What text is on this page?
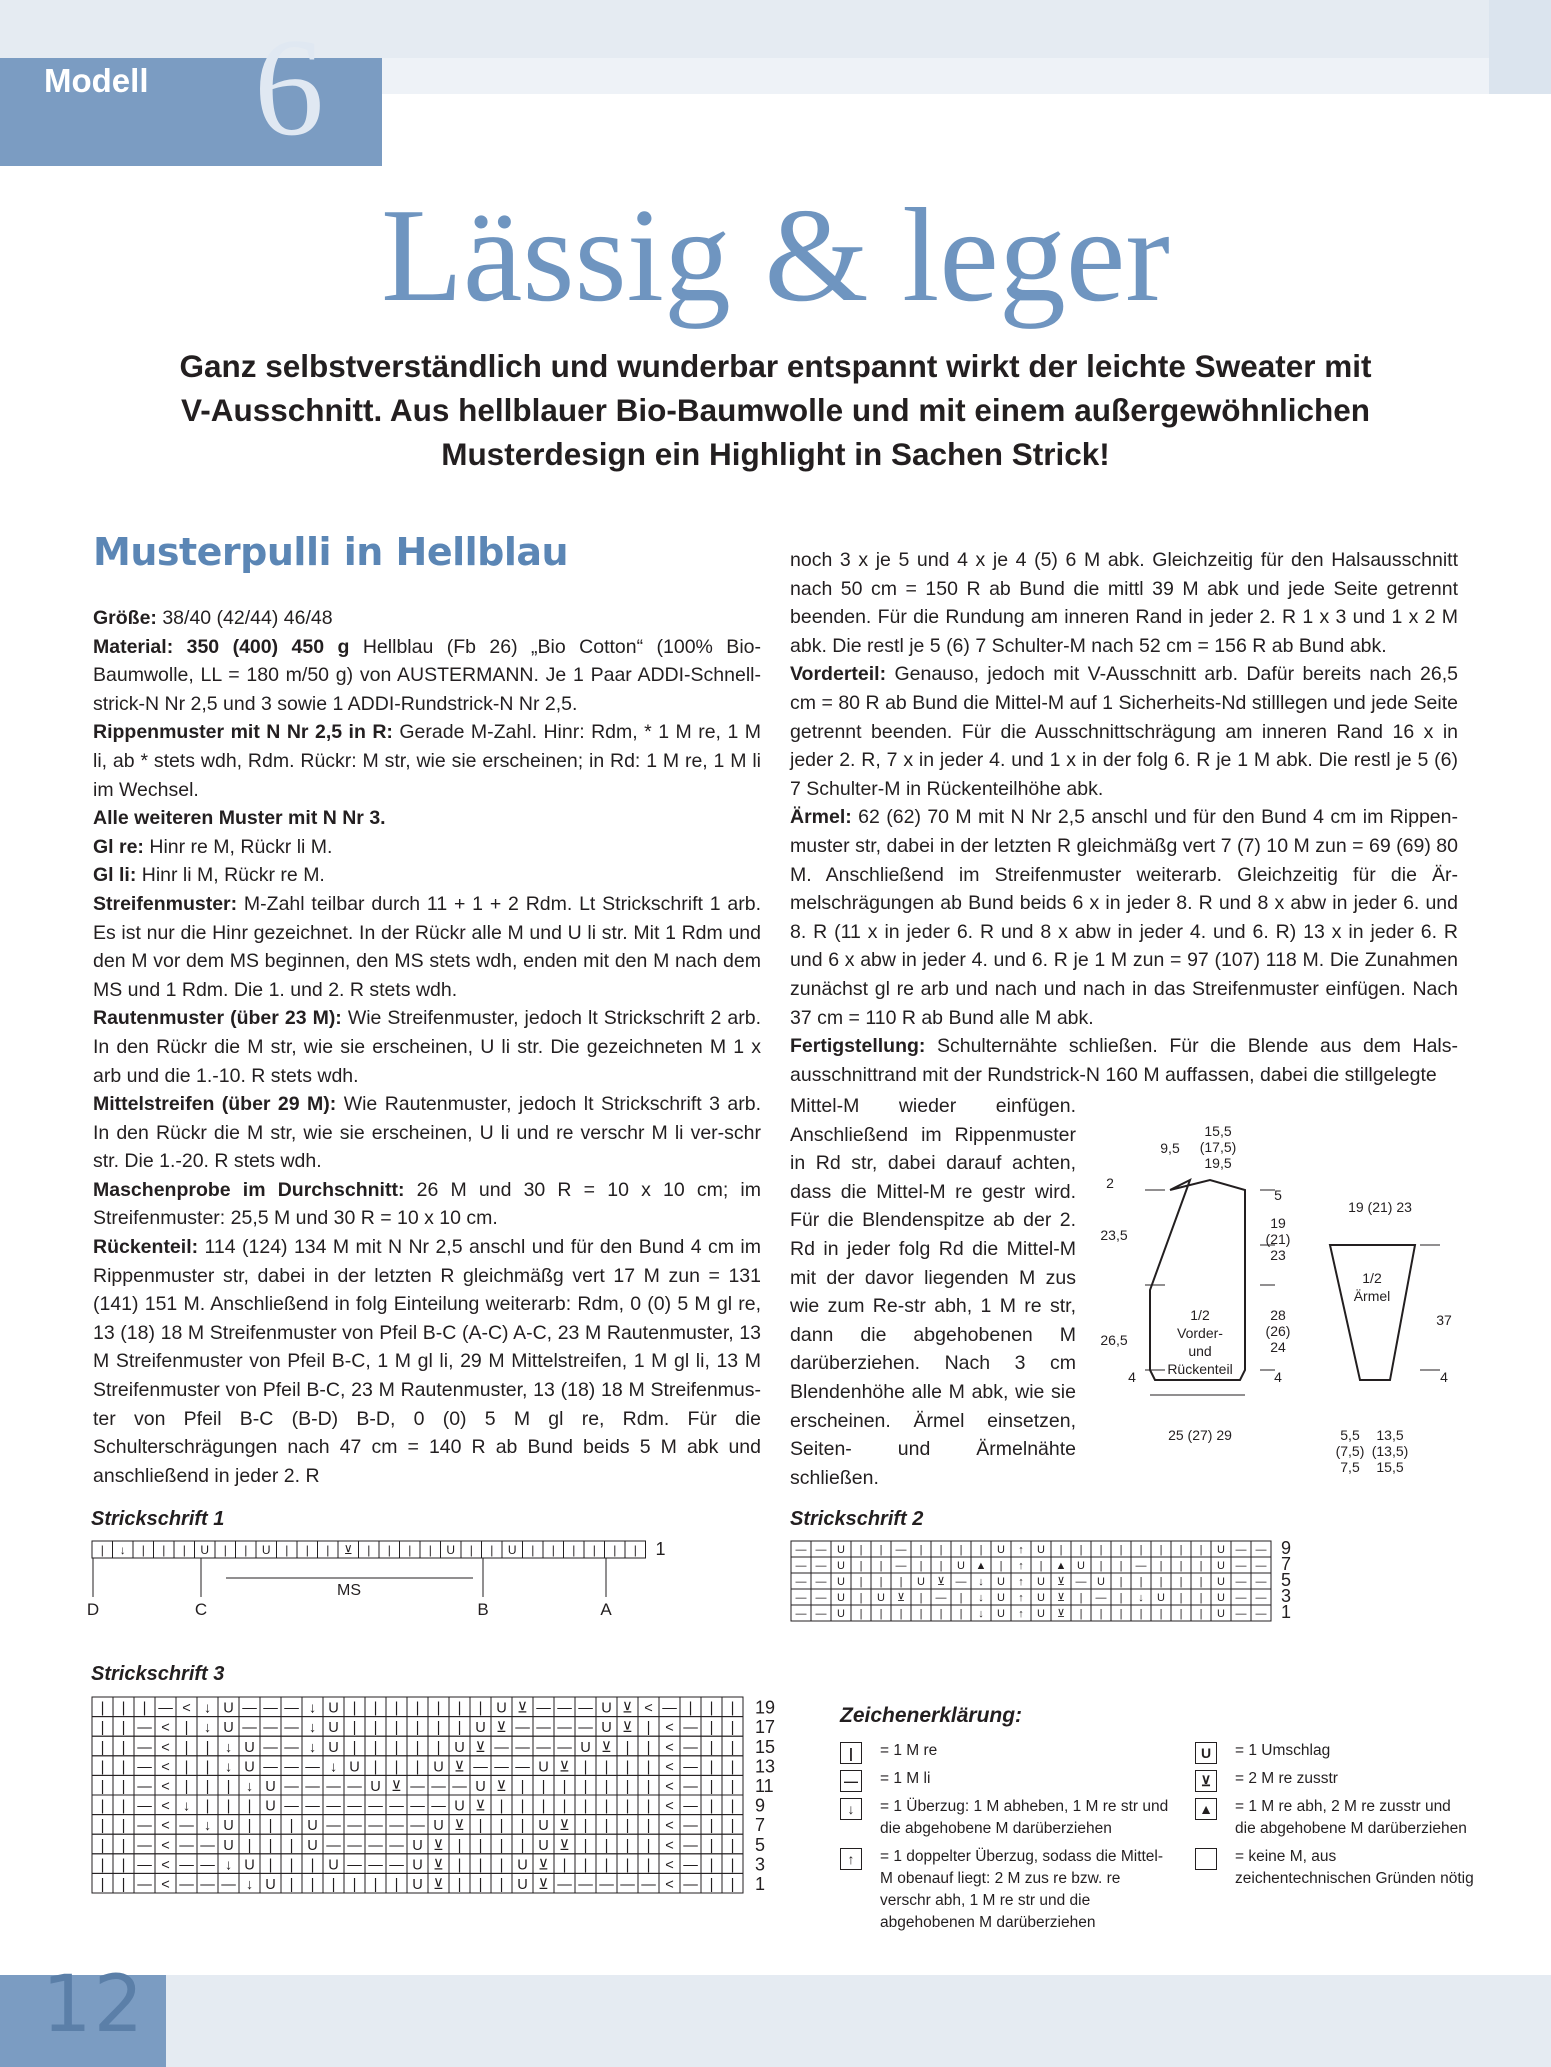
6
Modell
Lässig & leger
Ganz selbstverständlich und wunderbar entspannt wirkt der leichte Sweater mit
V-Ausschnitt. Aus hellblauer Bio-Baumwolle und mit einem außergewöhnlichen
Musterdesign ein Highlight in Sachen Strick!
Musterpulli in Hellblau

Größe: 38/40 (42/44) 46/48

Material: 350 (400) 450 g Hellblau (Fb 26) „Bio Cotton“ (100% Bio-Baumwolle, LL = 180 m/50 g) von AUSTERMANN. Je 1 Paar ADDI-Schnell-strick-N Nr 2,5 und 3 sowie 1 ADDI-Rundstrick-N Nr 2,5.

Rippenmuster mit N Nr 2,5 in R: Gerade M-Zahl. Hinr: Rdm, * 1 M re, 1 M li, ab * stets wdh, Rdm. Rückr: M str, wie sie erscheinen; in Rd: 1 M re, 1 M li im Wechsel.

Alle weiteren Muster mit N Nr 3.

Gl re: Hinr re M, Rückr li M.

Gl li: Hinr li M, Rückr re M.

Streifenmuster: M-Zahl teilbar durch 11 + 1 + 2 Rdm. Lt Strickschrift 1 arb. Es ist nur die Hinr gezeichnet. In der Rückr alle M und U li str. Mit 1 Rdm und den M vor dem MS beginnen, den MS stets wdh, enden mit den M nach dem MS und 1 Rdm. Die 1. und 2. R stets wdh.

Rautenmuster (über 23 M): Wie Streifenmuster, jedoch lt Strickschrift 2 arb. In den Rückr die M str, wie sie erscheinen, U li str. Die gezeichneten M 1 x arb und die 1.-10. R stets wdh.

Mittelstreifen (über 29 M): Wie Rautenmuster, jedoch lt Strickschrift 3 arb. In den Rückr die M str, wie sie erscheinen, U li und re verschr M li ver-schr str. Die 1.-20. R stets wdh.

Maschenprobe im Durchschnitt: 26 M und 30 R = 10 x 10 cm; im Streifenmuster: 25,5 M und 30 R = 10 x 10 cm.

Rückenteil: 114 (124) 134 M mit N Nr 2,5 anschl und für den Bund 4 cm im Rippenmuster str, dabei in der letzten R gleichmäßg vert 17 M zun = 131 (141) 151 M. Anschließend in folg Einteilung weiterarb: Rdm, 0 (0) 5 M gl re, 13 (18) 18 M Streifenmuster von Pfeil B-C (A-C) A-C, 23 M Rautenmuster, 13 M Streifenmuster von Pfeil B-C, 1 M gl li, 29 M Mittelstreifen, 1 M gl li, 13 M Streifenmuster von Pfeil B-C, 23 M Rautenmuster, 13 (18) 18 M Streifenmus-ter von Pfeil B-C (B-D) B-D, 0 (0) 5 M gl re, Rdm. Für die Schulterschrägungen nach 47 cm = 140 R ab Bund beids 5 M abk und anschließend in jeder 2. R

noch 3 x je 5 und 4 x je 4 (5) 6 M abk. Gleichzeitig für den Halsausschnitt nach 50 cm = 150 R ab Bund die mittl 39 M abk und jede Seite getrennt beenden. Für die Rundung am inneren Rand in jeder 2. R 1 x 3 und 1 x 2 M abk. Die restl je 5 (6) 7 Schulter-M nach 52 cm = 156 R ab Bund abk.

Vorderteil: Genauso, jedoch mit V-Ausschnitt arb. Dafür bereits nach 26,5 cm = 80 R ab Bund die Mittel-M auf 1 Sicherheits-Nd stilllegen und jede Seite getrennt beenden. Für die Ausschnittschrägung am inneren Rand 16 x in jeder 2. R, 7 x in jeder 4. und 1 x in der folg 6. R je 1 M abk. Die restl je 5 (6) 7 Schulter-M in Rückenteilhöhe abk.

Ärmel: 62 (62) 70 M mit N Nr 2,5 anschl und für den Bund 4 cm im Rippen-muster str, dabei in der letzten R gleichmäßg vert 7 (7) 10 M zun = 69 (69) 80 M. Anschließend im Streifenmuster weiterarb. Gleichzeitig für die Är-melschrägungen ab Bund beids 6 x in jeder 8. R und 8 x abw in jeder 6. und 8. R (11 x in jeder 6. R und 8 x abw in jeder 4. und 6. R) 13 x in jeder 6. R und 6 x abw in jeder 4. und 6. R je 1 M zun = 97 (107) 118 M. Die Zunahmen zunächst gl re arb und nach und nach in das Streifenmuster einfügen. Nach 37 cm = 110 R ab Bund alle M abk.

Fertigstellung: Schulternähte schließen. Für die Blende aus dem Hals-ausschnittrand mit der Rundstrick-N 160 M auffassen, dabei die stillgelegte

Mittel-M wieder einfügen. Anschließend im Rippenmuster in Rd str, dabei darauf achten, dass die Mittel-M re gestr wird. Für die Blendenspitze ab der 2. Rd in jeder folg Rd die Mittel-M mit der davor liegenden M zus wie zum Re-str abh, 1 M re str, dann die abgehobenen M darüberziehen. Nach 3 cm Blendenhöhe alle M abk, wie sie erscheinen. Ärmel einsetzen, Seiten- und Ärmelnähte schließen.

1/2
Vorder-
und
Rückenteil
1/2
Ärmel
9,5
15,5
(17,5)
19,5
2
23,5
26,5
4
25 (27) 29
5
19
(21)
23
28
(26)
24
4
19 (21) 23
37
4
5,5
(7,5)
7,5
13,5
(13,5)
15,5
Strickschrift 1	Strickschrift 2
Strickschrift 3
| ↓ | | | U | | U | | | ⊻ | | | | U | | U | | | | | | 1
MS
D	C	B	A
— — U | | — | | | | U ↑ U | | | | | | | | U — — 9
— — U | | — | | U ▲ | ↑ | ▲ U | | — | | | U — — 7
— — U | | | U ⊻ — ↓ U ↑ U ⊻ — U | | | | | U — — 5
— — U | U ⊻ | — | ↓ U ↑ U ⊻ | — | ↓ U | | U — — 3
— — U | | | | | | ↓ U ↑ U ⊻ | | | | | | | U — — 1
| | | — < ↓ U — — — ↓ U | | | | | | | U ⊻ — — — U ⊻ < — | | | 19
| | — < | ↓ U — — — ↓ U | | | | | | U ⊻ — — — — U ⊻ | < — | | 17
| | — < | | ↓ U — — ↓ U | | | | | U ⊻ — — — — U ⊻ | | < — | | 15
| | — < | | ↓ U — — — ↓ U | | | U ⊻ — — — U ⊻ | | | | < — | | 13
| | — < | | | ↓ U — — — — U ⊻ — — — U ⊻ | | | | | | | < — | | 11
| | — < ↓ | | | U — — — — — — — — U ⊻ | | | | | | | | < — | | 9
| | — < — ↓ U | | | U — — — — — U ⊻ | | | U ⊻ | | | | < — | | 7
| | — < — — U | | | U — — — — U ⊻ | | | | U ⊻ | | | | < — | | 5
| | — < — — ↓ U | | | U — — — U ⊻ | | | U ⊻ | | | | | < — | | 3
| | — < — — — ↓ U | | | | | | U ⊻ | | | U ⊻ — — — — — < — | | 1
Zeichenerklärung:
|	= 1 M re
— = 1 M li
↓	= 1 Überzug: 1 M abheben, 1 M re str und die abgehobene M darüberziehen
↑	= 1 doppelter Überzug, sodass die Mittel-M obenauf liegt: 2 M zus re bzw. re verschr abh, 1 M re str und die abgehobenen M darüberziehen
U	= 1 Umschlag
⊻	= 2 M re zusstr
▲ = 1 M re abh, 2 M re zusstr und die abgehobene M darüberziehen
= keine M, aus zeichentechnischen Gründen nötig
12
